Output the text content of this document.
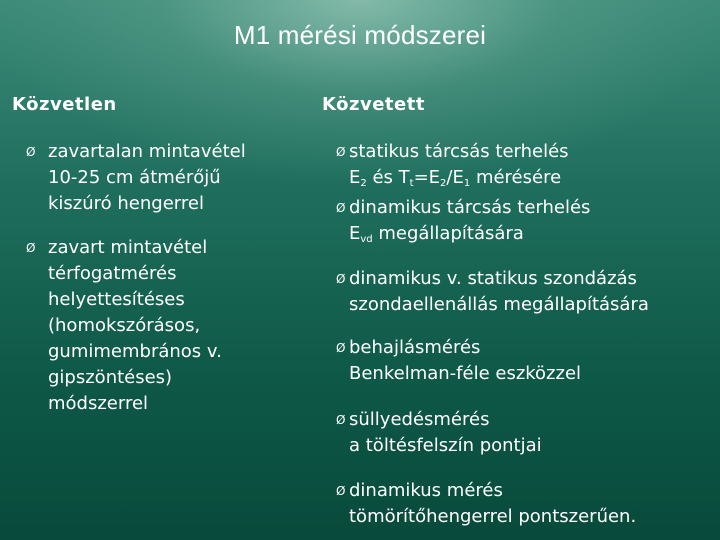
M1 mérési módszerei
Közvetlen
Ø zavartalan mintavétel
10-25 cm átmérőjű
kiszúró hengerrel
Ø zavart mintavétel
térfogatmérés
helyettesítéses
(homokszórásos,
gumimembrános v.
gipszöntéses)
módszerrel
Közvetett
Ø statikus tárcsás terhelés
$E_2$ és $T_t=E_2/E_1$ mérésére
Ø dinamikus tárcsás terhelés
$E_{vd}$ megállapítására
Ø dinamikus v. statikus szondázás
szondaellenállás megállapítására
Ø behajlásmérés
Benkelman-féle eszközzel
Ø süllyedésmérés
a töltésfelszín pontjai
Ø dinamikus mérés
tömörítőhengerrel pontszerűen.
